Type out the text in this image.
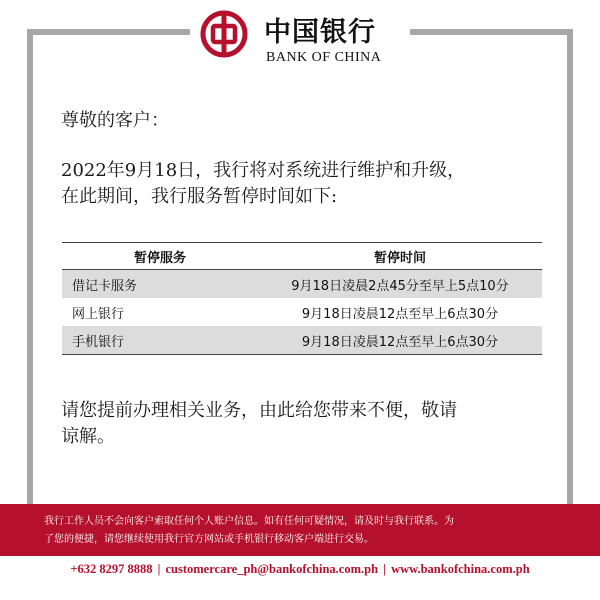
中国银行
BANK OF CHINA
尊敬的客户：
2022年9月18日，我行将对系统进行维护和升级，
在此期间，我行服务暂停时间如下:
暂停服务	暂停时间
借记卡服务	9月18日凌晨2点45分至早上5点10分
网上银行	9月18日凌晨12点至早上6点30分
手机银行	9月18日凌晨12点至早上6点30分
请您提前办理相关业务，由此给您带来不便，敬请
谅解。
我行工作人员不会向客户索取任何个人账户信息。如有任何可疑情况，请及时与我行联系。为
了您的便捷，请您继续使用我行官方网站或手机银行移动客户端进行交易。
+632 8297 8888 | customercare_ph@bankofchina.com.ph | www.bankofchina.com.ph
